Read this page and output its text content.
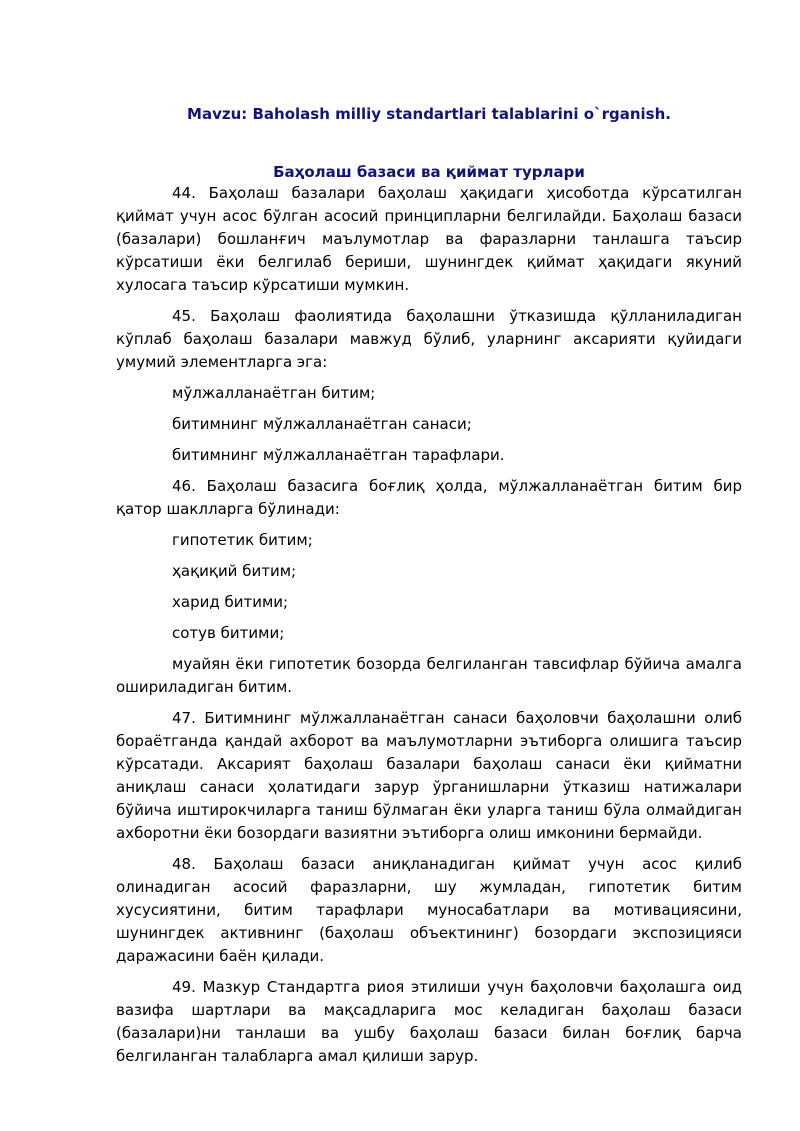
Mavzu: Baholash milliy standartlari talablarini o`rganish.

Баҳолаш базаси ва қиймат турлари

44. Баҳолаш базалари баҳолаш ҳақидаги ҳисоботда кўрсатилган қиймат учун асос бўлган асосий принципларни белгилайди. Баҳолаш базаси (базалари) бошланғич маълумотлар ва фаразларни танлашга таъсир кўрсатиши ёки белгилаб бериши, шунингдек қиймат ҳақидаги якуний хулосага таъсир кўрсатиши мумкин.

45. Баҳолаш фаолиятида баҳолашни ўтказишда қўлланиладиган кўплаб баҳолаш базалари мавжуд бўлиб, уларнинг аксарияти қуйидаги умумий элементларга эга:

мўлжалланаётган битим;

битимнинг мўлжалланаётган санаси;

битимнинг мўлжалланаётган тарафлари.

46. Баҳолаш базасига боғлиқ ҳолда, мўлжалланаётган битим бир қатор шаклларга бўлинади:

гипотетик битим;

ҳақиқий битим;

харид битими;

сотув битими;

муайян ёки гипотетик бозорда белгиланган тавсифлар бўйича амалга ошириладиган битим.

47. Битимнинг мўлжалланаётган санаси баҳоловчи баҳолашни олиб бораётганда қандай ахборот ва маълумотларни эътиборга олишига таъсир кўрсатади. Аксарият баҳолаш базалари баҳолаш санаси ёки қийматни аниқлаш санаси ҳолатидаги зарур ўрганишларни ўтказиш натижалари бўйича иштирокчиларга таниш бўлмаган ёки уларга таниш бўла олмайдиган ахборотни ёки бозордаги вазиятни эътиборга олиш имконини бермайди.

48. Баҳолаш базаси аниқланадиган қиймат учун асос қилиб олинадиган асосий фаразларни, шу жумладан, гипотетик битим хусусиятини, битим тарафлари муносабатлари ва мотивациясини, шунингдек активнинг (баҳолаш объектининг) бозордаги экспозицияси даражасини баён қилади.

49. Мазкур Стандартга риоя этилиши учун баҳоловчи баҳолашга оид вазифа шартлари ва мақсадларига мос келадиган баҳолаш базаси (базалари)ни танлаши ва ушбу баҳолаш базаси билан боғлиқ барча белгиланган талабларга амал қилиши зарур.
